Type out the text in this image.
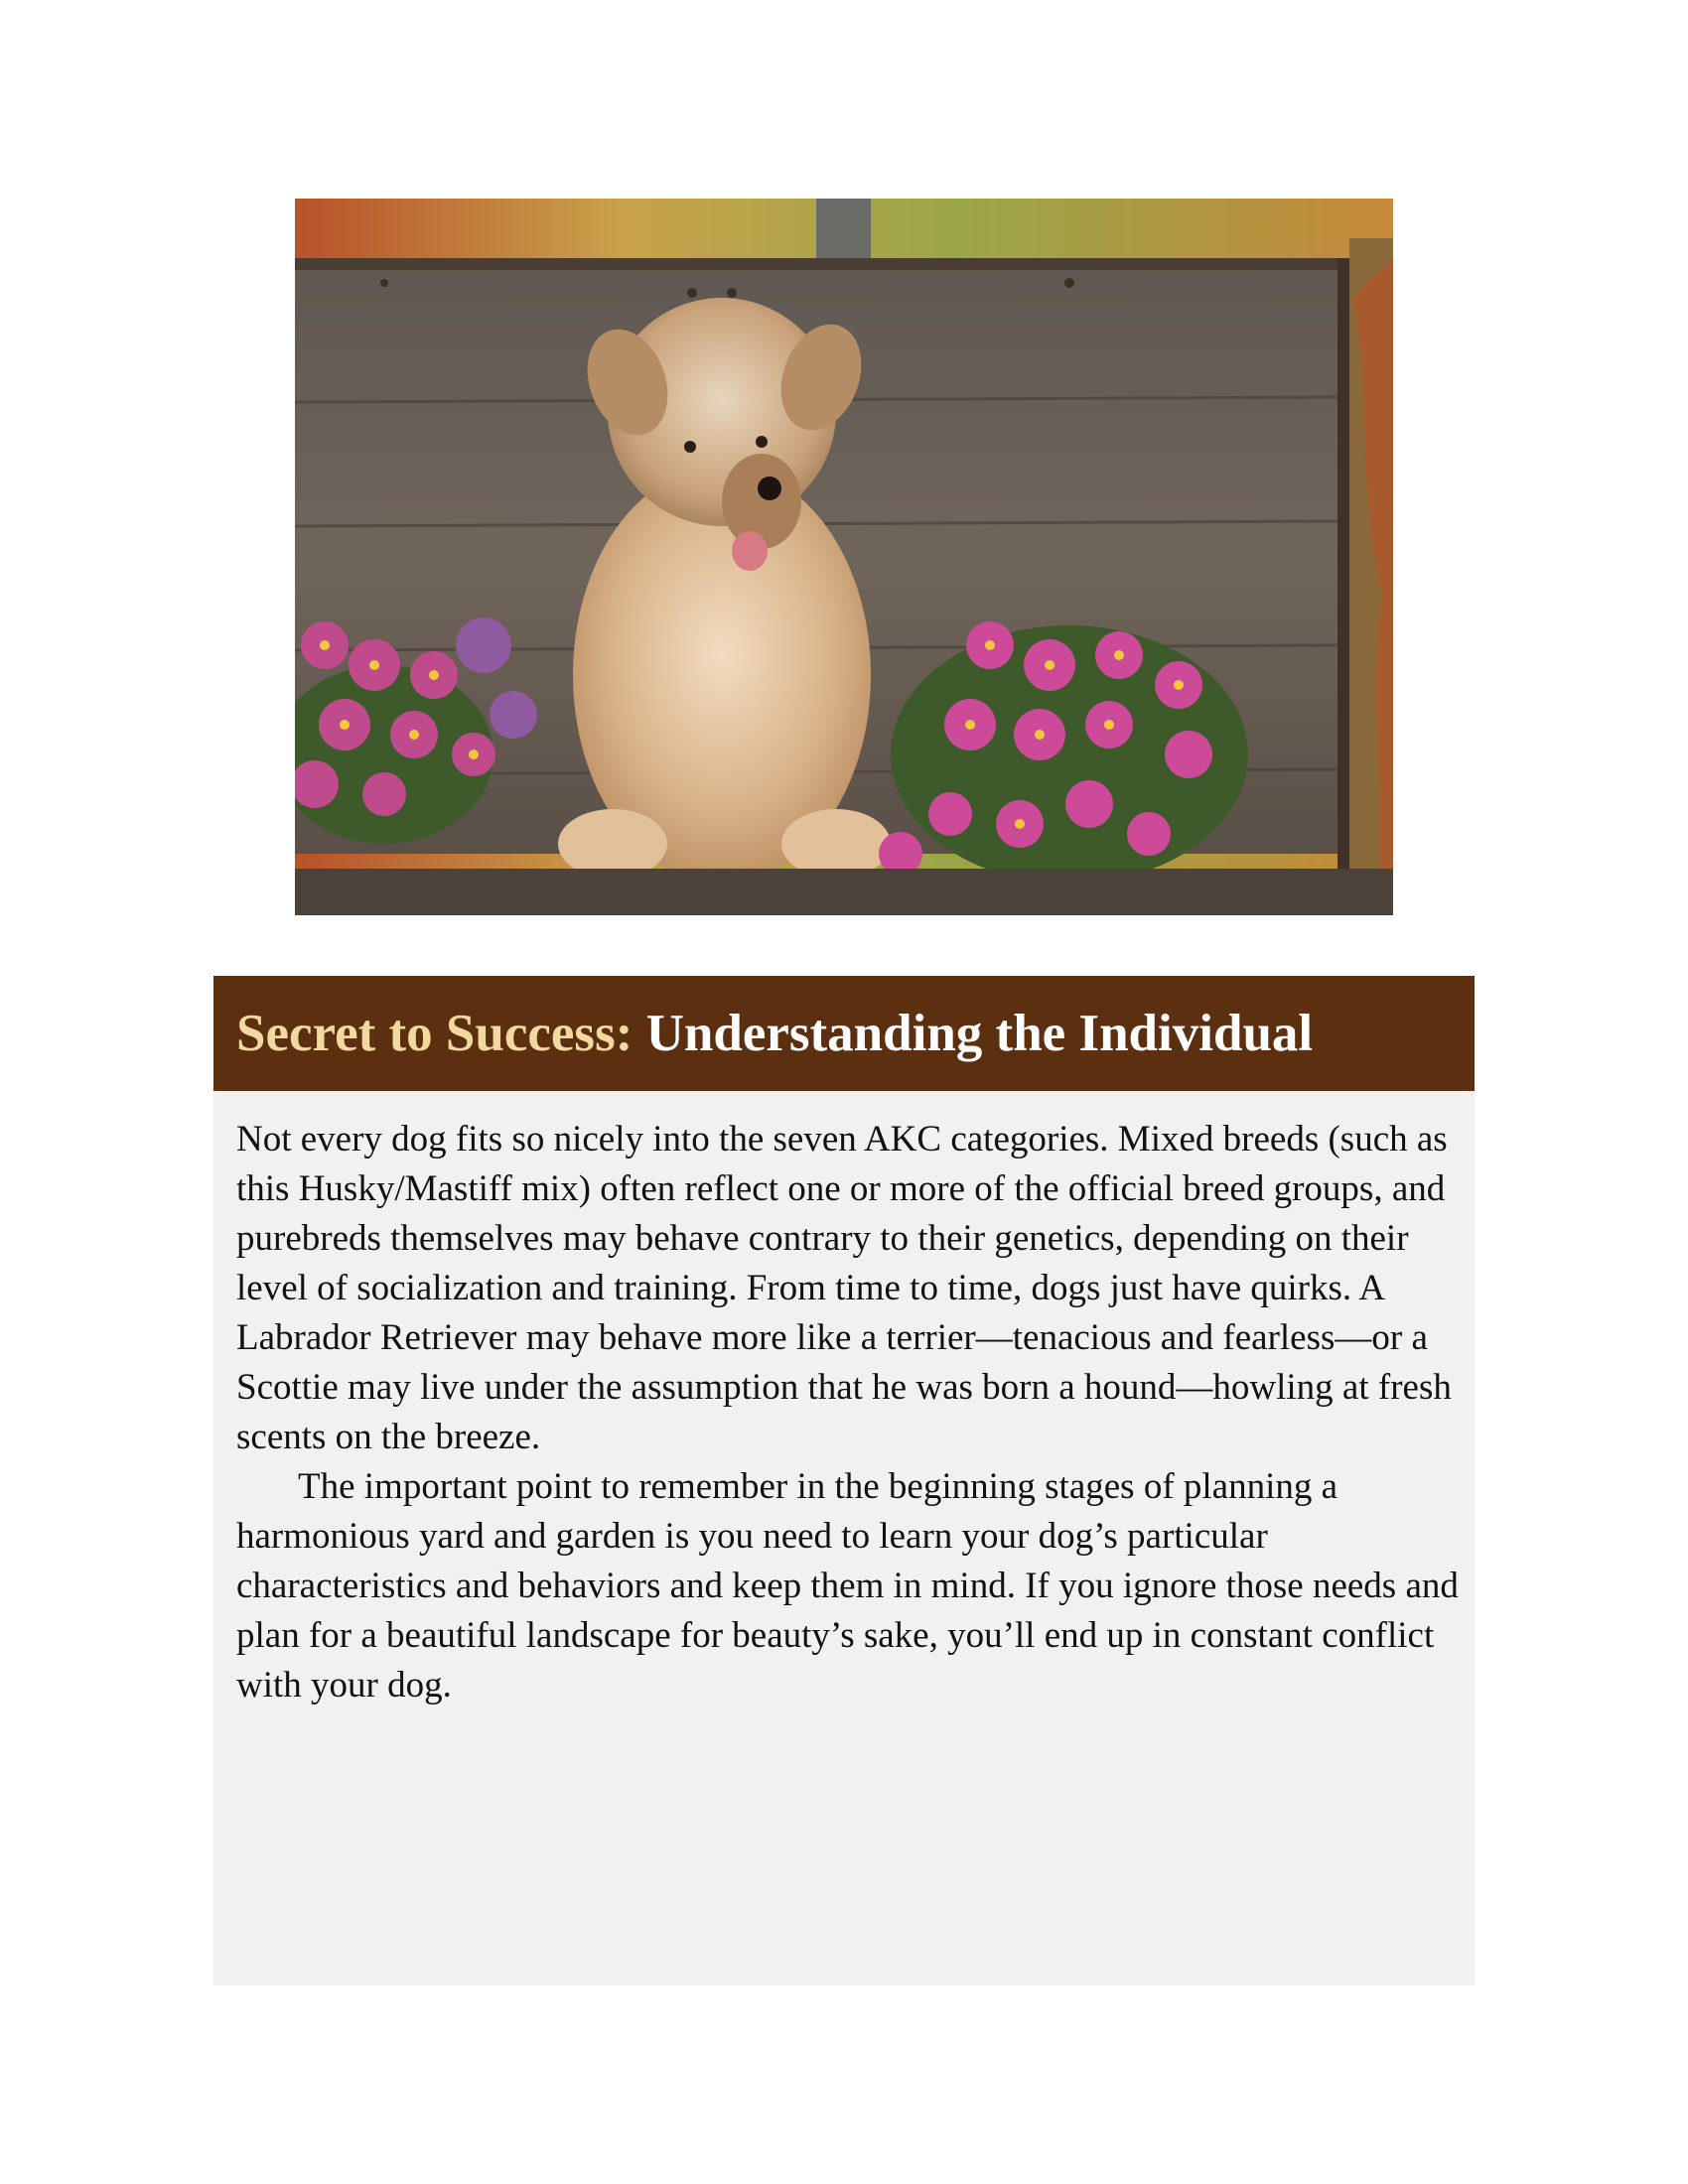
Secret to Success: Understanding the Individual

Not every dog fits so nicely into the seven AKC categories. Mixed breeds (such as this Husky/Mastiff mix) often reflect one or more of the official breed groups, and purebreds themselves may behave contrary to their genetics, depending on their level of socialization and training. From time to time, dogs just have quirks. A Labrador Retriever may behave more like a terrier—tenacious and fearless—or a Scottie may live under the assumption that he was born a hound—howling at fresh scents on the breeze.

The important point to remember in the beginning stages of planning a harmonious yard and garden is you need to learn your dog’s particular characteristics and behaviors and keep them in mind. If you ignore those needs and plan for a beautiful landscape for beauty’s sake, you’ll end up in constant conflict with your dog.
